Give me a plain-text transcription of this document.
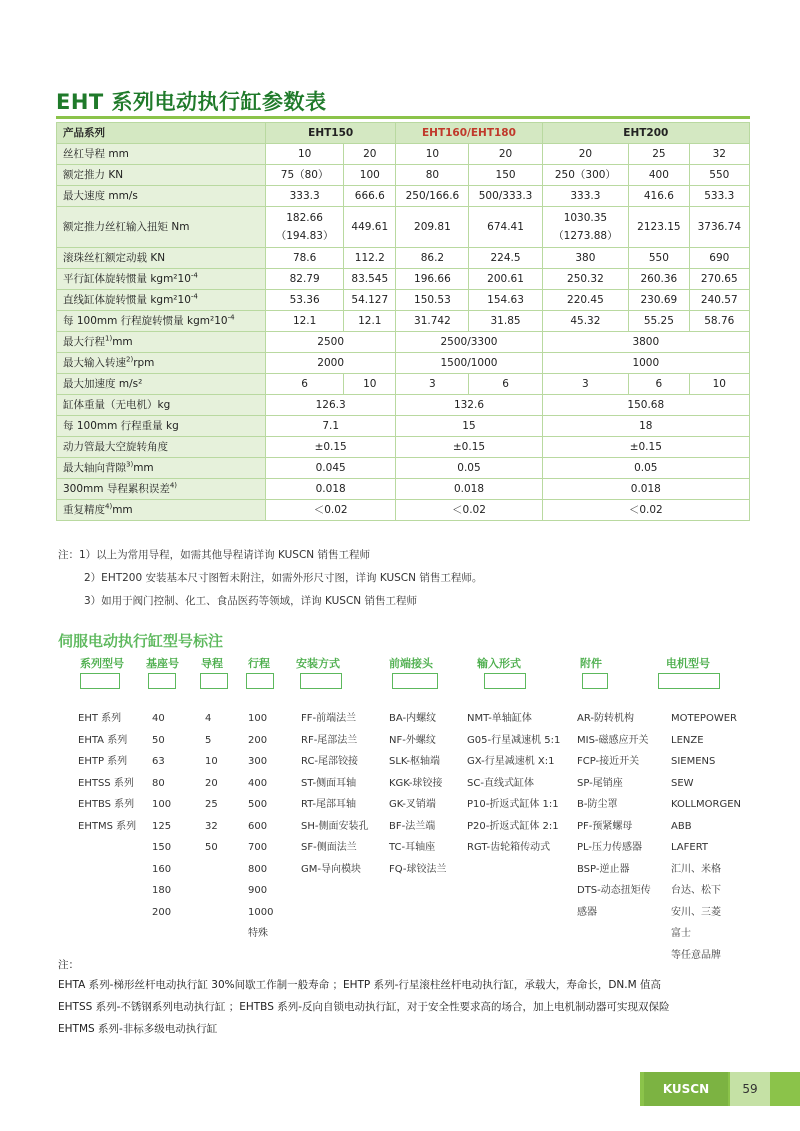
EHT 系列电动执行缸参数表
产品系列	EHT150		EHT160/EHT180		EHT200		
丝杠导程 mm	10	20	10	20	20	25	32
额定推力 KN	75（80）	100	80	150	250（300）	400	550
最大速度 mm/s	333.3	666.6	250/166.6	500/333.3	333.3	416.6	533.3
额定推力丝杠输入扭矩 Nm	182.66
（194.83）	449.61	209.81	674.41	1030.35
（1273.88）	2123.15	3736.74
滚珠丝杠额定动载 KN	78.6	112.2	86.2	224.5	380	550	690
平行缸体旋转惯量 $kgm^210^{-4}$	82.79	83.545	196.66	200.61	250.32	260.36	270.65
直线缸体旋转惯量 $kgm^210^{-4}$	53.36	54.127	150.53	154.63	220.45	230.69	240.57
每 100mm 行程旋转惯量 $kgm^210^{-4}$	12.1	12.1	31.742	31.85	45.32	55.25	58.76
最大行程$^{1)}$mm	2500		2500/3300		3800		
最大输入转速$^{2)}$rpm	2000		1500/1000		1000		
最大加速度 m/s²	6	10	3	6	3	6	10
缸体重量（无电机）kg	126.3		132.6		150.68		
每 100mm 行程重量 kg	7.1		15		18		
动力管最大空旋转角度	±0.15		±0.15		±0.15		
最大轴向背隙$^{3)}$mm	0.045		0.05		0.05		
300mm 导程累积误差$^{4)}$	0.018		0.018		0.018		
重复精度$^{4)}$mm	＜0.02		＜0.02		＜0.02		
注：1）以上为常用导程，如需其他导程请详询 KUSCN 销售工程师
2）EHT200 安装基本尺寸图暂未附注，如需外形尺寸图，详询 KUSCN 销售工程师。
3）如用于阀门控制、化工、食品医药等领域，详询 KUSCN 销售工程师
伺服电动执行缸型号标注
系列型号 基座号 导程 行程 安装方式	前端接头	输入形式	附件	电机型号
EHT 系列
EHTA 系列
EHTP 系列
EHTSS 系列
EHTBS 系列
EHTMS 系列
40
50
63
80
100
125
150
160
180
200
4
5
10
20
25
32
50
100
200
300
400
500
600
700
800
900
1000
特殊
FF-前端法兰
RF-尾部法兰
RC-尾部铰接
ST-侧面耳轴
RT-尾部耳轴
SH-侧面安装孔
SF-侧面法兰
GM-导向模块
BA-内螺纹
NF-外螺纹
SLK-枢轴端
KGK-球铰接
GK-叉销端
BF-法兰端
TC-耳轴座
FQ-球铰法兰
NMT-单轴缸体
G05-行星减速机 5:1
GX-行星减速机 X:1
SC-直线式缸体
P10-折返式缸体 1:1
P20-折返式缸体 2:1
RGT-齿轮箱传动式
AR-防转机构
MIS-磁感应开关
FCP-接近开关
SP-尾销座
B-防尘罩
PF-预紧螺母
PL-压力传感器
BSP-逆止器
DTS-动态扭矩传
感器
MOTEPOWER
LENZE
SIEMENS
SEW
KOLLMORGEN
ABB
LAFERT
汇川、米格
台达、松下
安川、三菱
富士
等任意品牌
注：
EHTA 系列-梯形丝杆电动执行缸 30%间歇工作制一般寿命 ；EHTP 系列-行星滚柱丝杆电动执行缸，承载大，寿命长，DN.M 值高
EHTSS 系列-不锈钢系列电动执行缸 ；EHTBS 系列-反向自锁电动执行缸，对于安全性要求高的场合，加上电机制动器可实现双保险
EHTMS 系列-非标多级电动执行缸
KUSCN	59
